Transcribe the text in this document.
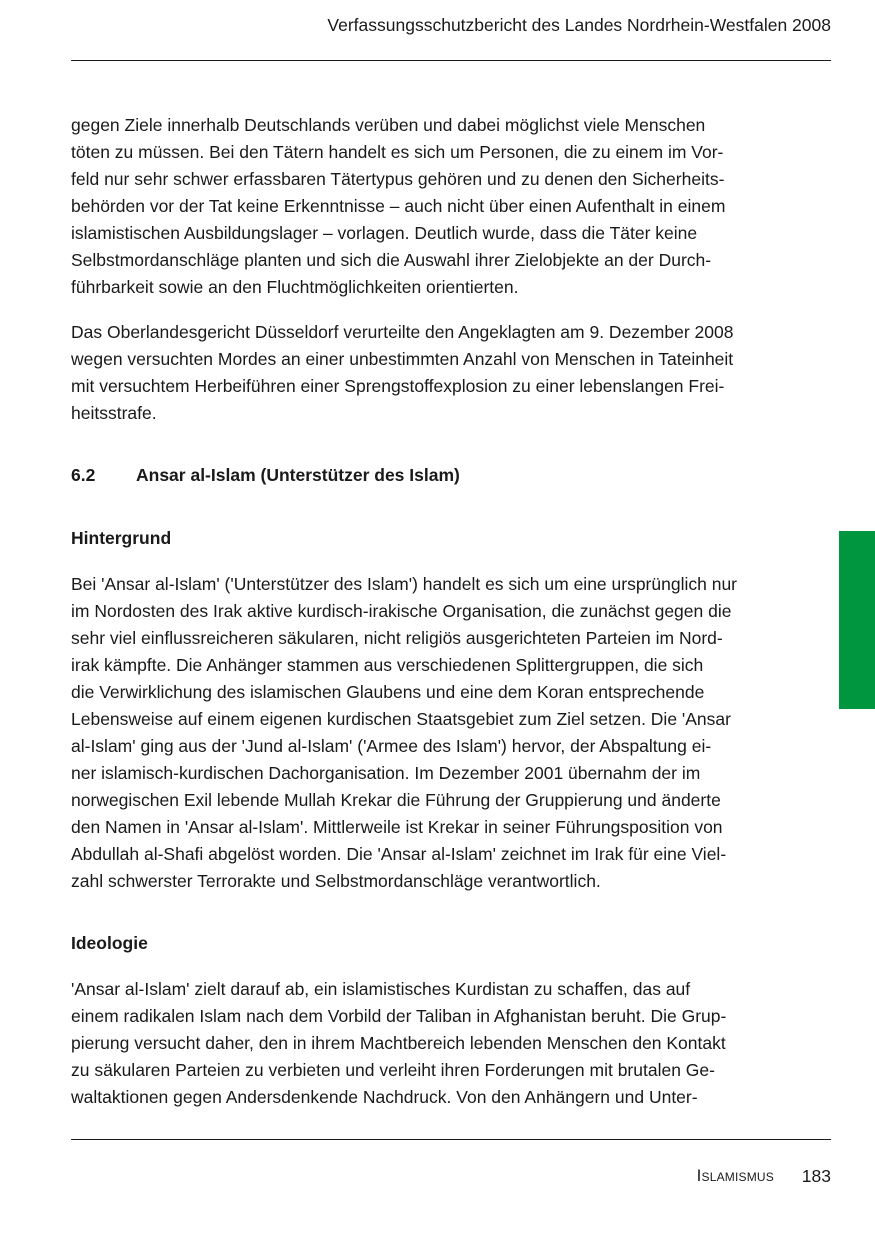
Verfassungsschutzbericht des Landes Nordrhein-Westfalen 2008
gegen Ziele innerhalb Deutschlands verüben und dabei möglichst viele Menschen
töten zu müssen. Bei den Tätern handelt es sich um Personen, die zu einem im Vor-
feld nur sehr schwer erfassbaren Tätertypus gehören und zu denen den Sicherheits-
behörden vor der Tat keine Erkenntnisse – auch nicht über einen Aufenthalt in einem
islamistischen Ausbildungslager – vorlagen. Deutlich wurde, dass die Täter keine
Selbstmordanschläge planten und sich die Auswahl ihrer Zielobjekte an der Durch-
führbarkeit sowie an den Fluchtmöglichkeiten orientierten.
Das Oberlandesgericht Düsseldorf verurteilte den Angeklagten am 9. Dezember 2008
wegen versuchten Mordes an einer unbestimmten Anzahl von Menschen in Tateinheit
mit versuchtem Herbeiführen einer Sprengstoffexplosion zu einer lebenslangen Frei-
heitsstrafe.
6.2 Ansar al-Islam (Unterstützer des Islam)
Hintergrund
Bei 'Ansar al-Islam' ('Unterstützer des Islam') handelt es sich um eine ursprünglich nur
im Nordosten des Irak aktive kurdisch-irakische Organisation, die zunächst gegen die
sehr viel einflussreicheren säkularen, nicht religiös ausgerichteten Parteien im Nord-
irak kämpfte. Die Anhänger stammen aus verschiedenen Splittergruppen, die sich
die Verwirklichung des islamischen Glaubens und eine dem Koran entsprechende
Lebensweise auf einem eigenen kurdischen Staatsgebiet zum Ziel setzen. Die 'Ansar
al-Islam' ging aus der 'Jund al-Islam' ('Armee des Islam') hervor, der Abspaltung ei-
ner islamisch-kurdischen Dachorganisation. Im Dezember 2001 übernahm der im
norwegischen Exil lebende Mullah Krekar die Führung der Gruppierung und änderte
den Namen in 'Ansar al-Islam'. Mittlerweile ist Krekar in seiner Führungsposition von
Abdullah al-Shafi abgelöst worden. Die 'Ansar al-Islam' zeichnet im Irak für eine Viel-
zahl schwerster Terrorakte und Selbstmordanschläge verantwortlich.
Ideologie
'Ansar al-Islam' zielt darauf ab, ein islamistisches Kurdistan zu schaffen, das auf
einem radikalen Islam nach dem Vorbild der Taliban in Afghanistan beruht. Die Grup-
pierung versucht daher, den in ihrem Machtbereich lebenden Menschen den Kontakt
zu säkularen Parteien zu verbieten und verleiht ihren Forderungen mit brutalen Ge-
waltaktionen gegen Andersdenkende Nachdruck. Von den Anhängern und Unter-
Islamismus 183
